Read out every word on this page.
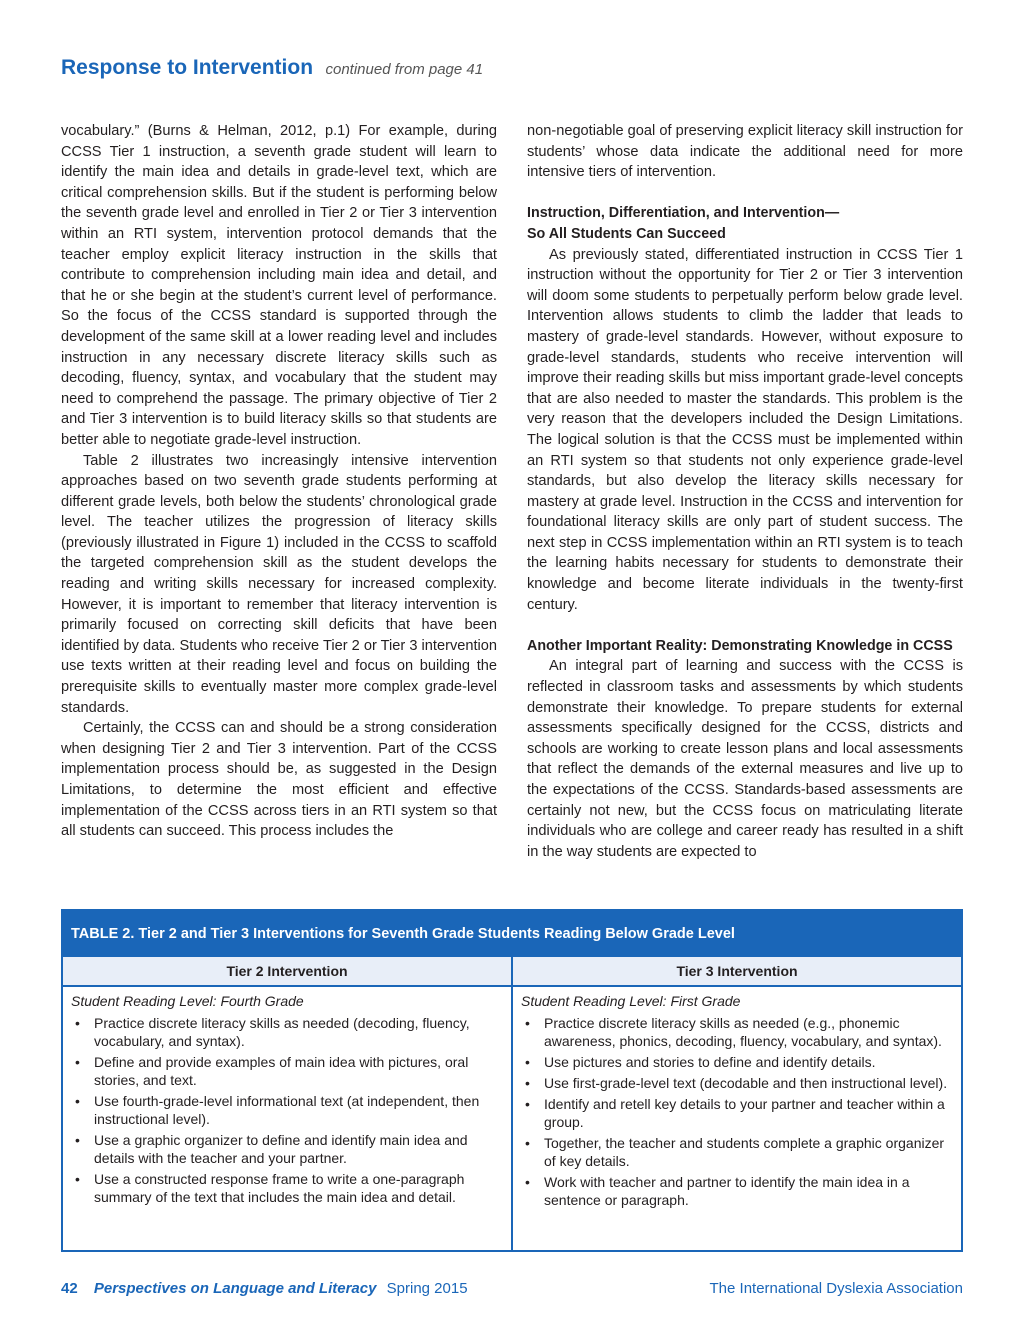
Response to Intervention continued from page 41

vocabulary.” (Burns & Helman, 2012, p.1) For example, during CCSS Tier 1 instruction, a seventh grade student will learn to identify the main idea and details in grade-level text, which are critical comprehension skills. But if the student is performing below the seventh grade level and enrolled in Tier 2 or Tier 3 intervention within an RTI system, intervention protocol demands that the teacher employ explicit literacy instruction in the skills that contribute to comprehension including main idea and detail, and that he or she begin at the student’s current level of performance. So the focus of the CCSS standard is supported through the development of the same skill at a lower reading level and includes instruction in any necessary discrete literacy skills such as decoding, fluency, syntax, and vocabulary that the student may need to comprehend the passage. The primary objective of Tier 2 and Tier 3 intervention is to build literacy skills so that students are better able to negotiate grade-level instruction.

Table 2 illustrates two increasingly intensive intervention approaches based on two seventh grade students performing at different grade levels, both below the students’ chronological grade level. The teacher utilizes the progression of literacy skills (previously illustrated in Figure 1) included in the CCSS to scaffold the targeted comprehension skill as the student develops the reading and writing skills necessary for increased complexity. However, it is important to remember that literacy intervention is primarily focused on correcting skill deficits that have been identified by data. Students who receive Tier 2 or Tier 3 intervention use texts written at their reading level and focus on building the prerequisite skills to eventually master more complex grade-level standards.

Certainly, the CCSS can and should be a strong consideration when designing Tier 2 and Tier 3 intervention. Part of the CCSS implementation process should be, as suggested in the Design Limitations, to determine the most efficient and effective implementation of the CCSS across tiers in an RTI system so that all students can succeed. This process includes the

non-negotiable goal of preserving explicit literacy skill instruction for students’ whose data indicate the additional need for more intensive tiers of intervention.

Instruction, Differentiation, and Intervention—
So All Students Can Succeed

As previously stated, differentiated instruction in CCSS Tier 1 instruction without the opportunity for Tier 2 or Tier 3 intervention will doom some students to perpetually perform below grade level. Intervention allows students to climb the ladder that leads to mastery of grade-level standards. However, without exposure to grade-level standards, students who receive intervention will improve their reading skills but miss important grade-level concepts that are also needed to master the standards. This problem is the very reason that the developers included the Design Limitations. The logical solution is that the CCSS must be implemented within an RTI system so that students not only experience grade-level standards, but also develop the literacy skills necessary for mastery at grade level. Instruction in the CCSS and intervention for foundational literacy skills are only part of student success. The next step in CCSS implementation within an RTI system is to teach the learning habits necessary for students to demonstrate their knowledge and become literate individuals in the twenty-first century.

Another Important Reality: Demonstrating Knowledge in CCSS

An integral part of learning and success with the CCSS is reflected in classroom tasks and assessments by which students demonstrate their knowledge. To prepare students for external assessments specifically designed for the CCSS, districts and schools are working to create lesson plans and local assessments that reflect the demands of the external measures and live up to the expectations of the CCSS. Standards-based assessments are certainly not new, but the CCSS focus on matriculating literate individuals who are college and career ready has resulted in a shift in the way students are expected to

TABLE 2. Tier 2 and Tier 3 Interventions for Seventh Grade Students Reading Below Grade Level
Tier 2 Intervention
Student Reading Level: Fourth Grade
• Practice discrete literacy skills as needed (decoding, fluency, vocabulary, and syntax).
• Define and provide examples of main idea with pictures, oral stories, and text.
• Use fourth-grade-level informational text (at independent, then instructional level).
• Use a graphic organizer to define and identify main idea and details with the teacher and your partner.
• Use a constructed response frame to write a one-paragraph summary of the text that includes the main idea and detail.
Tier 3 Intervention
Student Reading Level: First Grade
• Practice discrete literacy skills as needed (e.g., phonemic awareness, phonics, decoding, fluency, vocabulary, and syntax).
• Use pictures and stories to define and identify details.
• Use first-grade-level text (decodable and then instructional level).
• Identify and retell key details to your partner and teacher within a group.
• Together, the teacher and students complete a graphic organizer of key details.
• Work with teacher and partner to identify the main idea in a sentence or paragraph.
42 Perspectives on Language and Literacy Spring 2015	The International Dyslexia Association
